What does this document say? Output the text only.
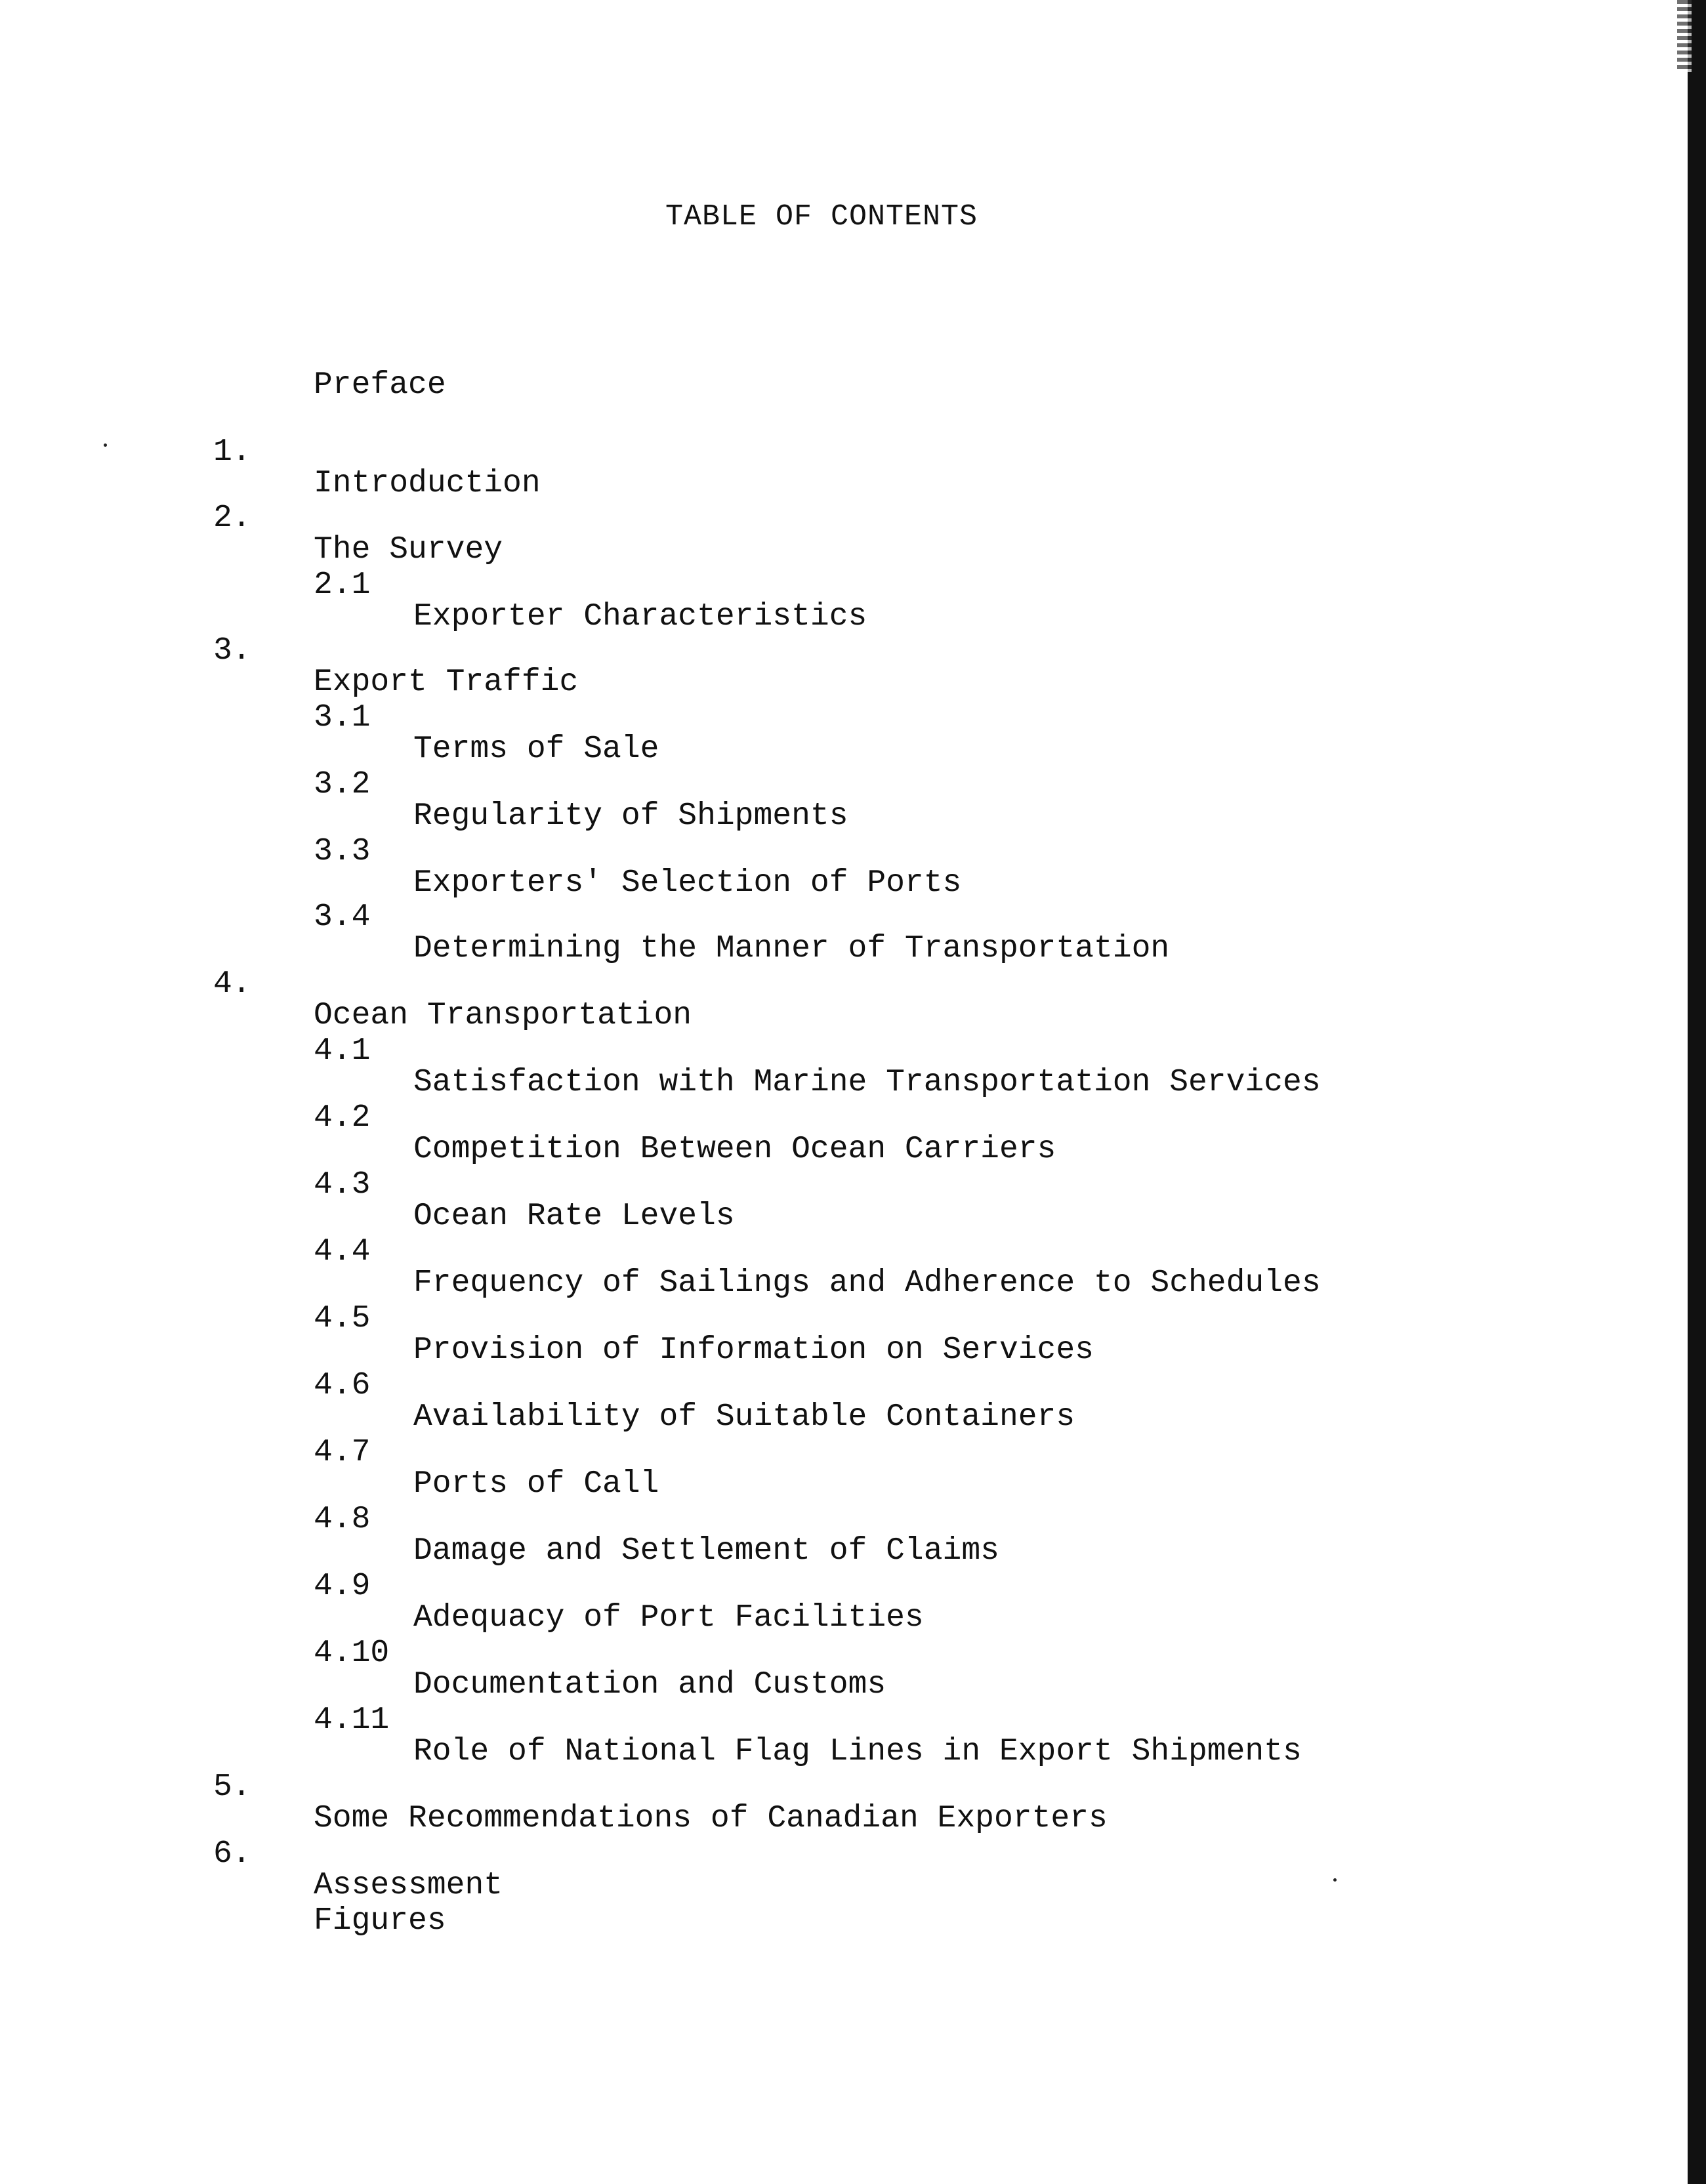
TABLE OF CONTENTS

Preface

1.

Introduction

2.

The Survey

2.1

Exporter Characteristics

3.

Export Traffic

3.1

Terms of Sale

3.2

Regularity of Shipments

3.3

Exporters' Selection of Ports

3.4

Determining the Manner of Transportation

4.

Ocean Transportation

4.1

Satisfaction with Marine Transportation Services

4.2

Competition Between Ocean Carriers

4.3

Ocean Rate Levels

4.4

Frequency of Sailings and Adherence to Schedules

4.5

Provision of Information on Services

4.6

Availability of Suitable Containers

4.7

Ports of Call

4.8

Damage and Settlement of Claims

4.9

Adequacy of Port Facilities

4.10

Documentation and Customs

4.11

Role of National Flag Lines in Export Shipments

5.

Some Recommendations of Canadian Exporters

6.

Assessment

Figures
